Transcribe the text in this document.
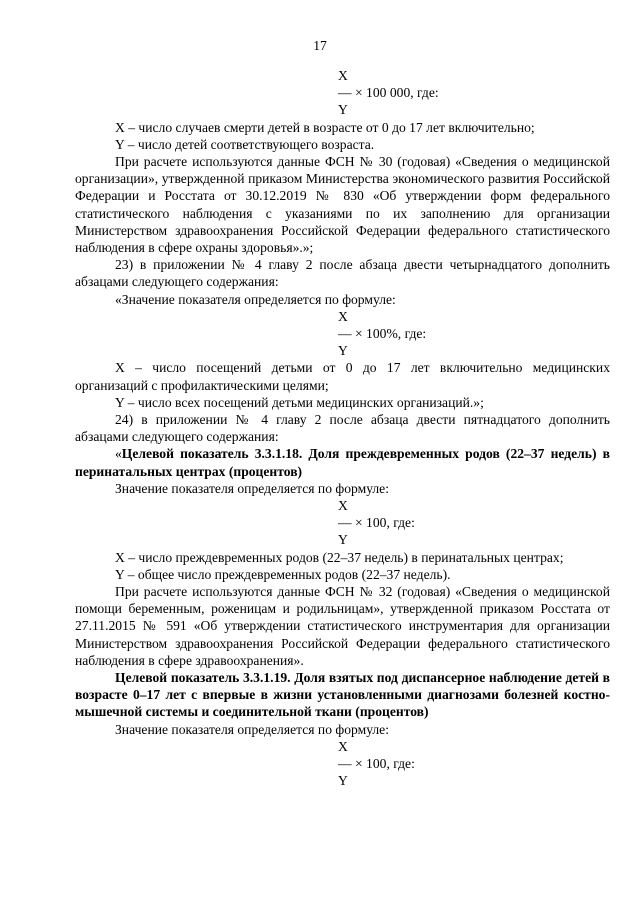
17
X
— × 100 000, где:
Y

X – число случаев смерти детей в возрасте от 0 до 17 лет включительно;

Y – число детей соответствующего возраста.

При расчете используются данные ФСН № 30 (годовая) «Сведения о медицинской организации», утвержденной приказом Министерства экономического развития Российской Федерации и Росстата от 30.12.2019 № 830 «Об утверждении форм федерального статистического наблюдения с указаниями по их заполнению для организации Министерством здравоохранения Российской Федерации федерального статистического наблюдения в сфере охраны здоровья».»;

23) в приложении № 4 главу 2 после абзаца двести четырнадцатого дополнить абзацами следующего содержания:

«Значение показателя определяется по формуле:

X
— × 100%, где:
Y

X – число посещений детьми от 0 до 17 лет включительно медицинских организаций с профилактическими целями;

Y – число всех посещений детьми медицинских организаций.»;

24) в приложении № 4 главу 2 после абзаца двести пятнадцатого дополнить абзацами следующего содержания:

«Целевой показатель 3.3.1.18. Доля преждевременных родов (22–37 недель) в перинатальных центрах (процентов)

Значение показателя определяется по формуле:

X
— × 100, где:
Y

X – число преждевременных родов (22–37 недель) в перинатальных центрах;

Y – общее число преждевременных родов (22–37 недель).

При расчете используются данные ФСН № 32 (годовая) «Сведения о медицинской помощи беременным, роженицам и родильницам», утвержденной приказом Росстата от 27.11.2015 № 591 «Об утверждении статистического инструментария для организации Министерством здравоохранения Российской Федерации федерального статистического наблюдения в сфере здравоохранения».

Целевой показатель 3.3.1.19. Доля взятых под диспансерное наблюдение детей в возрасте 0–17 лет с впервые в жизни установленными диагнозами болезней костно-мышечной системы и соединительной ткани (процентов)

Значение показателя определяется по формуле:

X
— × 100, где:
Y
